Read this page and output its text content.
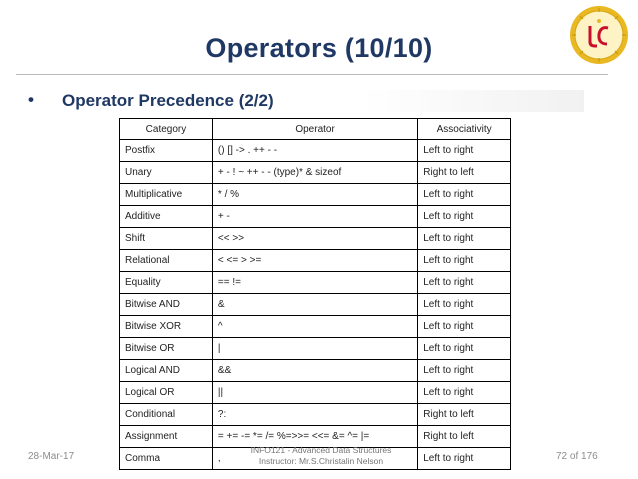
Operators (10/10)
• Operator Precedence (2/2)
Category	Operator	Associativity
Postfix	() [] -> . ++ - -	Left to right
Unary	+ - ! ~ ++ - - (type)* & sizeof	Right to left
Multiplicative	* / %	Left to right
Additive	+ -	Left to right
Shift	<< >>	Left to right
Relational	< <= > >=	Left to right
Equality	== !=	Left to right
Bitwise AND	&	Left to right
Bitwise XOR	^	Left to right
Bitwise OR	|	Left to right
Logical AND	&&	Left to right
Logical OR	||	Left to right
Conditional	?:	Right to left
Assignment	= += -= *= /= %=>>= <<= &= ^= |=	Right to left
Comma	,	Left to right
28-Mar-17
INFO121 - Advanced Data Structures
Instructor: Mr.S.Christalin Nelson	72 of 176
